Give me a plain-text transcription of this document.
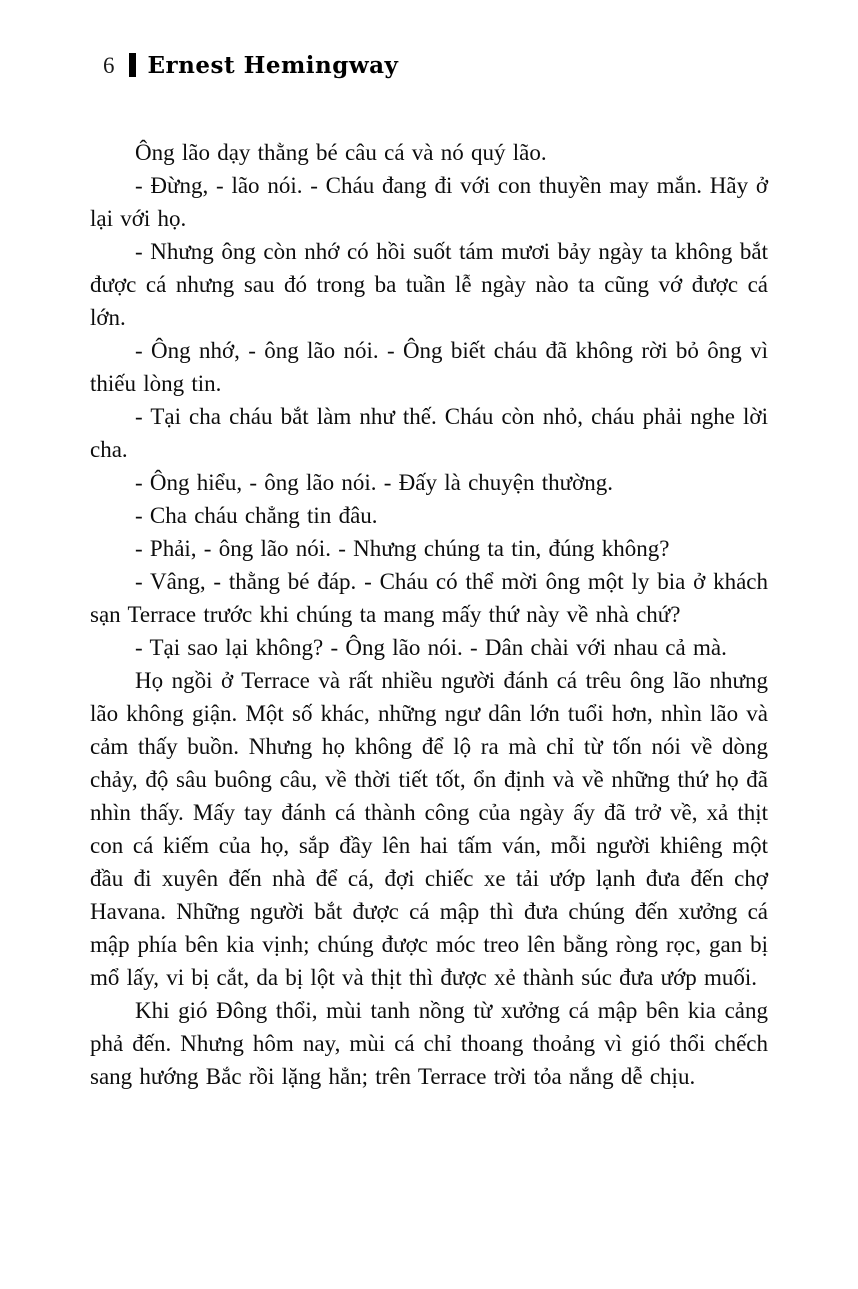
6 Ernest Hemingway

Ông lão dạy thằng bé câu cá và nó quý lão.

- Đừng, - lão nói. - Cháu đang đi với con thuyền may mắn. Hãy ở lại với họ.

- Nhưng ông còn nhớ có hồi suốt tám mươi bảy ngày ta không bắt được cá nhưng sau đó trong ba tuần lễ ngày nào ta cũng vớ được cá lớn.

- Ông nhớ, - ông lão nói. - Ông biết cháu đã không rời bỏ ông vì thiếu lòng tin.

- Tại cha cháu bắt làm như thế. Cháu còn nhỏ, cháu phải nghe lời cha.

- Ông hiểu, - ông lão nói. - Đấy là chuyện thường.

- Cha cháu chẳng tin đâu.

- Phải, - ông lão nói. - Nhưng chúng ta tin, đúng không?

- Vâng, - thằng bé đáp. - Cháu có thể mời ông một ly bia ở khách sạn Terrace trước khi chúng ta mang mấy thứ này về nhà chứ?

- Tại sao lại không? - Ông lão nói. - Dân chài với nhau cả mà.

Họ ngồi ở Terrace và rất nhiều người đánh cá trêu ông lão nhưng lão không giận. Một số khác, những ngư dân lớn tuổi hơn, nhìn lão và cảm thấy buồn. Nhưng họ không để lộ ra mà chỉ từ tốn nói về dòng chảy, độ sâu buông câu, về thời tiết tốt, ổn định và về những thứ họ đã nhìn thấy. Mấy tay đánh cá thành công của ngày ấy đã trở về, xả thịt con cá kiếm của họ, sắp đầy lên hai tấm ván, mỗi người khiêng một đầu đi xuyên đến nhà để cá, đợi chiếc xe tải ướp lạnh đưa đến chợ Havana. Những người bắt được cá mập thì đưa chúng đến xưởng cá mập phía bên kia vịnh; chúng được móc treo lên bằng ròng rọc, gan bị mổ lấy, vi bị cắt, da bị lột và thịt thì được xẻ thành súc đưa ướp muối.

Khi gió Đông thổi, mùi tanh nồng từ xưởng cá mập bên kia cảng phả đến. Nhưng hôm nay, mùi cá chỉ thoang thoảng vì gió thổi chếch sang hướng Bắc rồi lặng hẳn; trên Terrace trời tỏa nắng dễ chịu.
